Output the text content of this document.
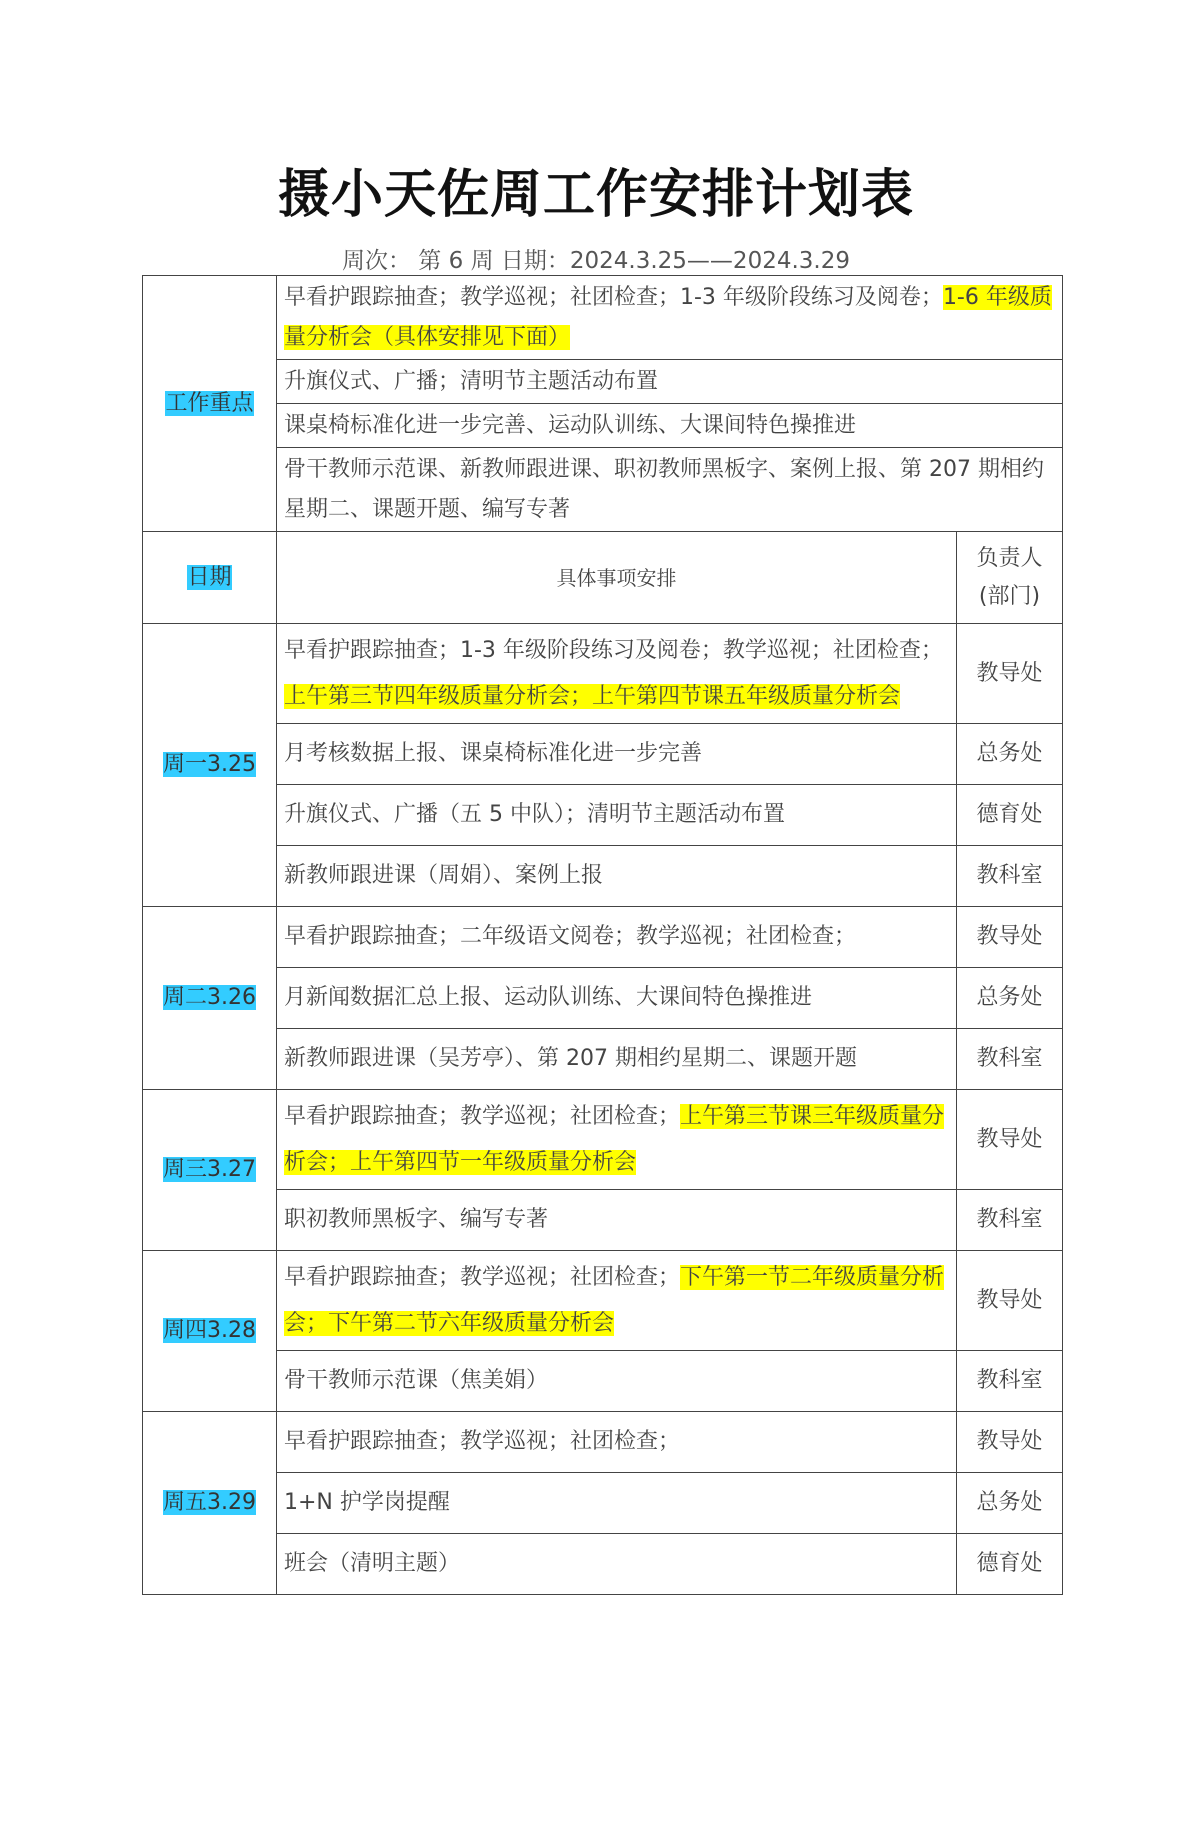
摄小天佐周工作安排计划表
周次： 第 6 周 日期：2024.3.25——2024.3.29
工作重点	早看护跟踪抽查；教学巡视；社团检查；1-3 年级阶段练习及阅卷；1-6 年级质量分析会（具体安排见下面）	
	升旗仪式、广播；清明节主题活动布置	
	课桌椅标准化进一步完善、运动队训练、大课间特色操推进	
	骨干教师示范课、新教师跟进课、职初教师黑板字、案例上报、第 207 期相约星期二、课题开题、编写专著	
日期	具体事项安排	负责人
(部门)

周一3.25	早看护跟踪抽查；1-3 年级阶段练习及阅卷；教学巡视；社团检查；上午第三节四年级质量分析会；上午第四节课五年级质量分析会	教导处
	月考核数据上报、课桌椅标准化进一步完善	总务处
	升旗仪式、广播（五 5 中队）；清明节主题活动布置	德育处
	新教师跟进课（周娟）、案例上报	教科室
周二3.26	早看护跟踪抽查；二年级语文阅卷；教学巡视；社团检查；	教导处
	月新闻数据汇总上报、运动队训练、大课间特色操推进	总务处
	新教师跟进课（吴芳亭）、第 207 期相约星期二、课题开题	教科室
周三3.27	早看护跟踪抽查；教学巡视；社团检查；上午第三节课三年级质量分析会；上午第四节一年级质量分析会	教导处
	职初教师黑板字、编写专著	教科室
周四3.28	早看护跟踪抽查；教学巡视；社团检查；下午第一节二年级质量分析会；下午第二节六年级质量分析会	教导处
	骨干教师示范课（焦美娟）	教科室
周五3.29	早看护跟踪抽查；教学巡视；社团检查；	教导处
	1+N 护学岗提醒	总务处
	班会（清明主题）	德育处
